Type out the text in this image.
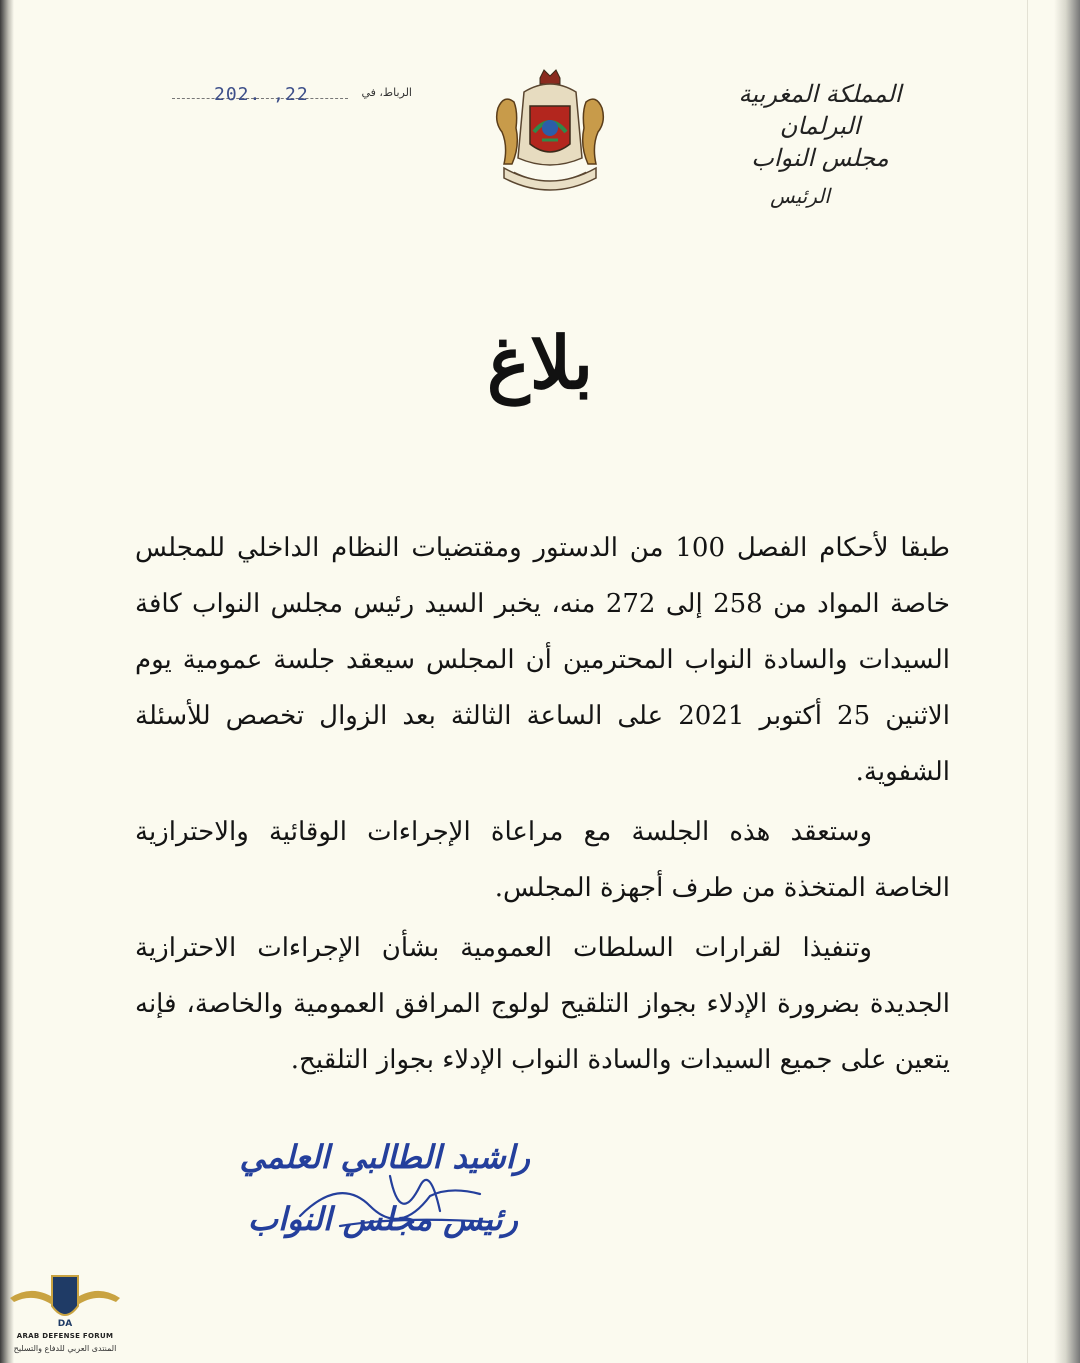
المملكة المغربية
البرلمان
مجلس النواب
الرئيس
الرباط، في
202. ,22
بلاغ

طبقا لأحكام الفصل 100 من الدستور ومقتضيات النظام الداخلي للمجلس خاصة المواد من 258 إلى 272 منه، يخبر السيد رئيس مجلس النواب كافة السيدات والسادة النواب المحترمين أن المجلس سيعقد جلسة عمومية يوم الاثنين 25 أكتوبر 2021 على الساعة الثالثة بعد الزوال تخصص للأسئلة الشفوية.

وستعقد هذه الجلسة مع مراعاة الإجراءات الوقائية والاحترازية الخاصة المتخذة من طرف أجهزة المجلس.

وتنفيذا لقرارات السلطات العمومية بشأن الإجراءات الاحترازية الجديدة بضرورة الإدلاء بجواز التلقيح لولوج المرافق العمومية والخاصة، فإنه يتعين على جميع السيدات والسادة النواب الإدلاء بجواز التلقيح.

راشيد الطالبي العلمي
رئيس مجلس النواب
DA
ARAB DEFENSE FORUM
المنتدى العربي للدفاع والتسليح
